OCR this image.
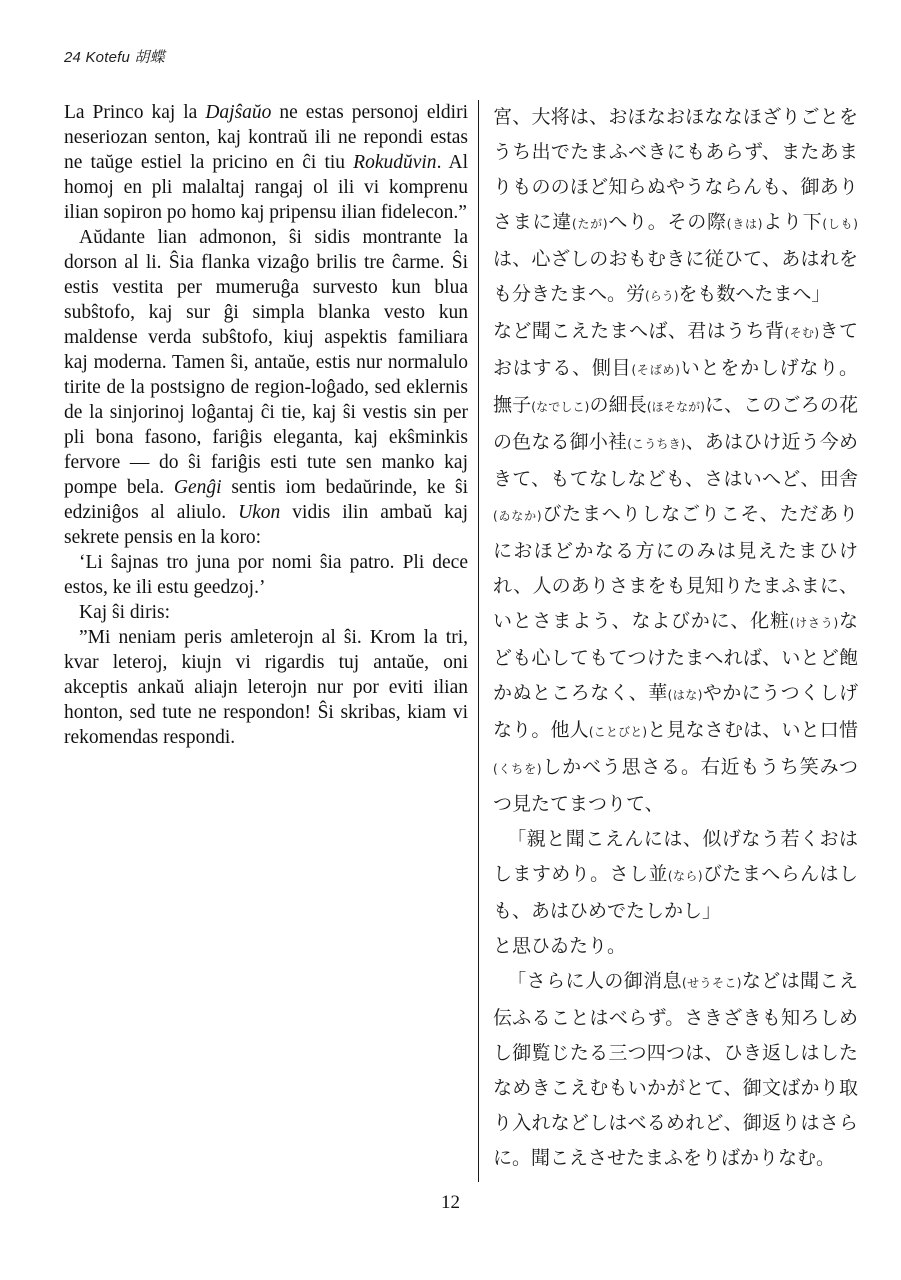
24 Kotefu 胡蝶

La Princo kaj la Dajŝaŭo ne estas personoj eldiri neseriozan senton, kaj kontraŭ ili ne repondi estas ne taŭge estiel la pricino en ĉi tiu Rokudŭvin. Al homoj en pli malaltaj rangaj ol ili vi komprenu ilian sopiron po homo kaj pripensu ilian fidelecon.”

Aŭdante lian admonon, ŝi sidis montrante la dorson al li. Ŝia flanka vizaĝo brilis tre ĉarme. Ŝi estis vestita per mumeruĝa survesto kun blua subŝtofo, kaj sur ĝi simpla blanka vesto kun maldense verda subŝtofo, kiuj aspektis familiara kaj moderna. Tamen ŝi, antaŭe, estis nur normalulo tirite de la postsigno de region-loĝado, sed eklernis de la sinjorinoj loĝantaj ĉi tie, kaj ŝi vestis sin per pli bona fasono, fariĝis eleganta, kaj ekŝminkis fervore — do ŝi fariĝis esti tute sen manko kaj pompe bela. Genĝi sentis iom bedaŭrinde, ke ŝi edziniĝos al aliulo. Ukon vidis ilin ambaŭ kaj sekrete pensis en la koro:

‘Li ŝajnas tro juna por nomi ŝia patro. Pli dece estos, ke ili estu geedzoj.’

Kaj ŝi diris:

”Mi neniam peris amleterojn al ŝi. Krom la tri, kvar leteroj, kiujn vi rigardis tuj antaŭe, oni akceptis ankaŭ aliajn leterojn nur por eviti ilian honton, sed tute ne respondon! Ŝi skribas, kiam vi rekomendas respondi.

宮、大将は、おほなおほななほざりごとをうち出でたまふべきにもあらず、またあまりもののほど知らぬやうならんも、御ありさまに違(たが)へり。その際(きは)より下(しも)は、心ざしのおもむきに従ひて、あはれをも分きたまへ。労(らう)をも数へたまへ」

など聞こえたまへば、君はうち背(そむ)きておはする、側目(そばめ)いとをかしげなり。撫子(なでしこ)の細長(ほそなが)に、このごろの花の色なる御小袿(こうちき)、あはひけ近う今めきて、もてなしなども、さはいへど、田舎(ゐなか)びたまへりしなごりこそ、ただありにおほどかなる方にのみは見えたまひけれ、人のありさまをも見知りたまふまに、いとさまよう、なよびかに、化粧(けさう)なども心してもてつけたまへれば、いとど飽かぬところなく、華(はな)やかにうつくしげなり。他人(ことびと)と見なさむは、いと口惜(くちを)しかべう思さる。右近もうち笑みつつ見たてまつりて、

「親と聞こえんには、似げなう若くおはしますめり。さし並(なら)びたまへらんはしも、あはひめでたしかし」

と思ひゐたり。

「さらに人の御消息(せうそこ)などは聞こえ伝ふることはべらず。さきざきも知ろしめし御覧じたる三つ四つは、ひき返しはしたなめきこえむもいかがとて、御文ばかり取り入れなどしはべるめれど、御返りはさらに。聞こえさせたまふをりばかりなむ。

12
